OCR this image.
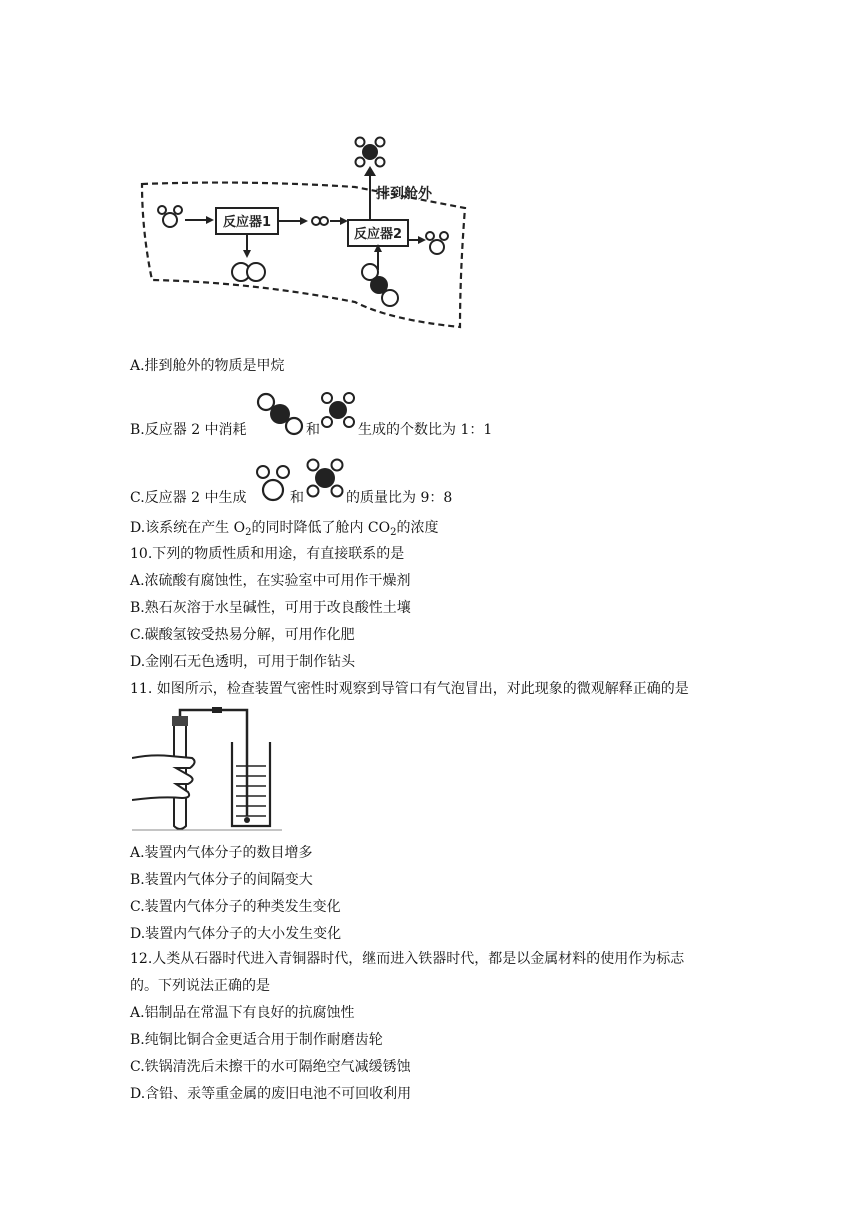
排到舱外
反应器1
反应器2
A.排到舱外的物质是甲烷
B.反应器 2 中消耗	和	生成的个数比为 1：1
C.反应器 2 中生成	和	的质量比为 9：8
D.该系统在产生 $O_2$的同时降低了舱内 $CO_2$的浓度
10.下列的物质性质和用途，有直接联系的是
A.浓硫酸有腐蚀性，在实验室中可用作干燥剂
B.熟石灰溶于水呈碱性，可用于改良酸性土壤
C.碳酸氢铵受热易分解，可用作化肥
D.金刚石无色透明，可用于制作钻头
11. 如图所示，检查装置气密性时观察到导管口有气泡冒出，对此现象的微观解释正确的是
A.装置内气体分子的数目增多
B.装置内气体分子的间隔变大
C.装置内气体分子的种类发生变化
D.装置内气体分子的大小发生变化
12.人类从石器时代进入青铜器时代，继而进入铁器时代，都是以金属材料的使用作为标志
的。下列说法正确的是
A.铝制品在常温下有良好的抗腐蚀性
B.纯铜比铜合金更适合用于制作耐磨齿轮
C.铁锅清洗后未擦干的水可隔绝空气减缓锈蚀
D.含铅、汞等重金属的废旧电池不可回收利用
